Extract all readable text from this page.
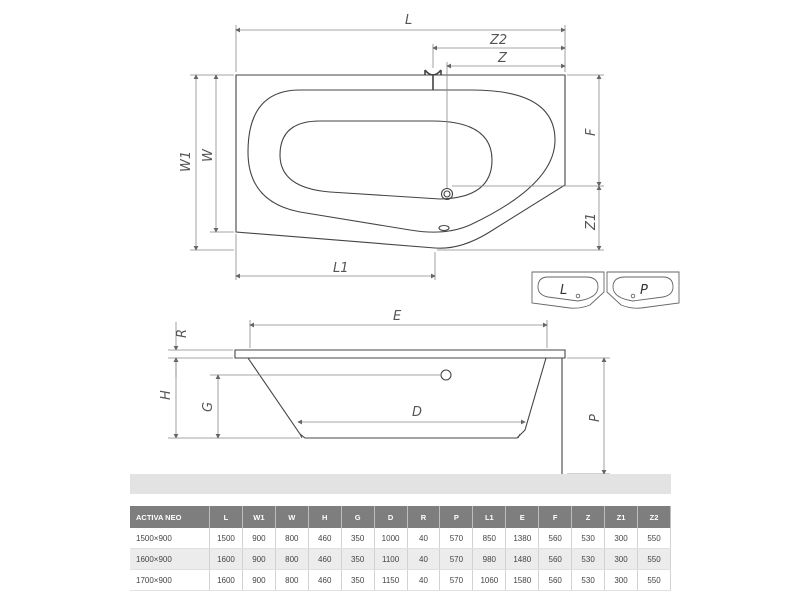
L
Z2
Z
W1 W
F
Z1
L1
L	P
E
R
H
G	D	P
ACTIVA NEO	L	W1	W	H	G	D	R	P	L1	E	F	Z	Z1	Z2
1500×900	1500	900	800	460	350	1000	40	570	850	1380	560	530	300	550
1600×900	1600	900	800	460	350	1100	40	570	980	1480	560	530	300	550
1700×900	1600	900	800	460	350	1150	40	570	1060	1580	560	530	300	550
